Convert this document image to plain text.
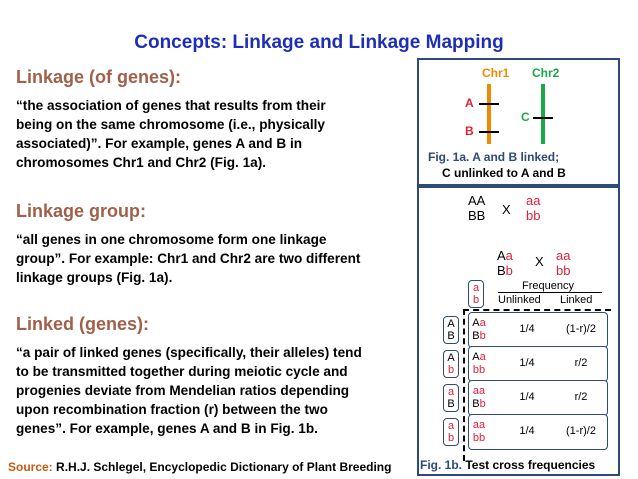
Concepts: Linkage and Linkage Mapping
Linkage (of genes):
“the association of genes that results from their
being on the same chromosome (i.e., physically
associated)”. For example, genes A and B in
chromosomes Chr1 and Chr2 (Fig. 1a).
Linkage group:
“all genes in one chromosome form one linkage
group”. For example: Chr1 and Chr2 are two different
linkage groups (Fig. 1a).
Linked (genes):
“a pair of linked genes (specifically, their alleles) tend
to be transmitted together during meiotic cycle and
progenies deviate from Mendelian ratios depending
upon recombination fraction (r) between the two
genes”. For example, genes A and B in Fig. 1b.
Source: R.H.J. Schlegel, Encyclopedic Dictionary of Plant Breeding
Chr1 Chr2
A
B
C
Fig. 1a. A and B linked;
C unlinked to A and B
AA
BB X
aa
bb
Aa
Bb
X aa
bb
a
b
Frequency
Unlinked Linked
A
B
Aa
Bb
1/4	(1-r)/2
A
b
Aa
bb
1/4	r/2
a
B
aa
Bb
1/4	r/2
a
b
aa
bb
1/4	(1-r)/2
Fig. 1b. Test cross frequencies
